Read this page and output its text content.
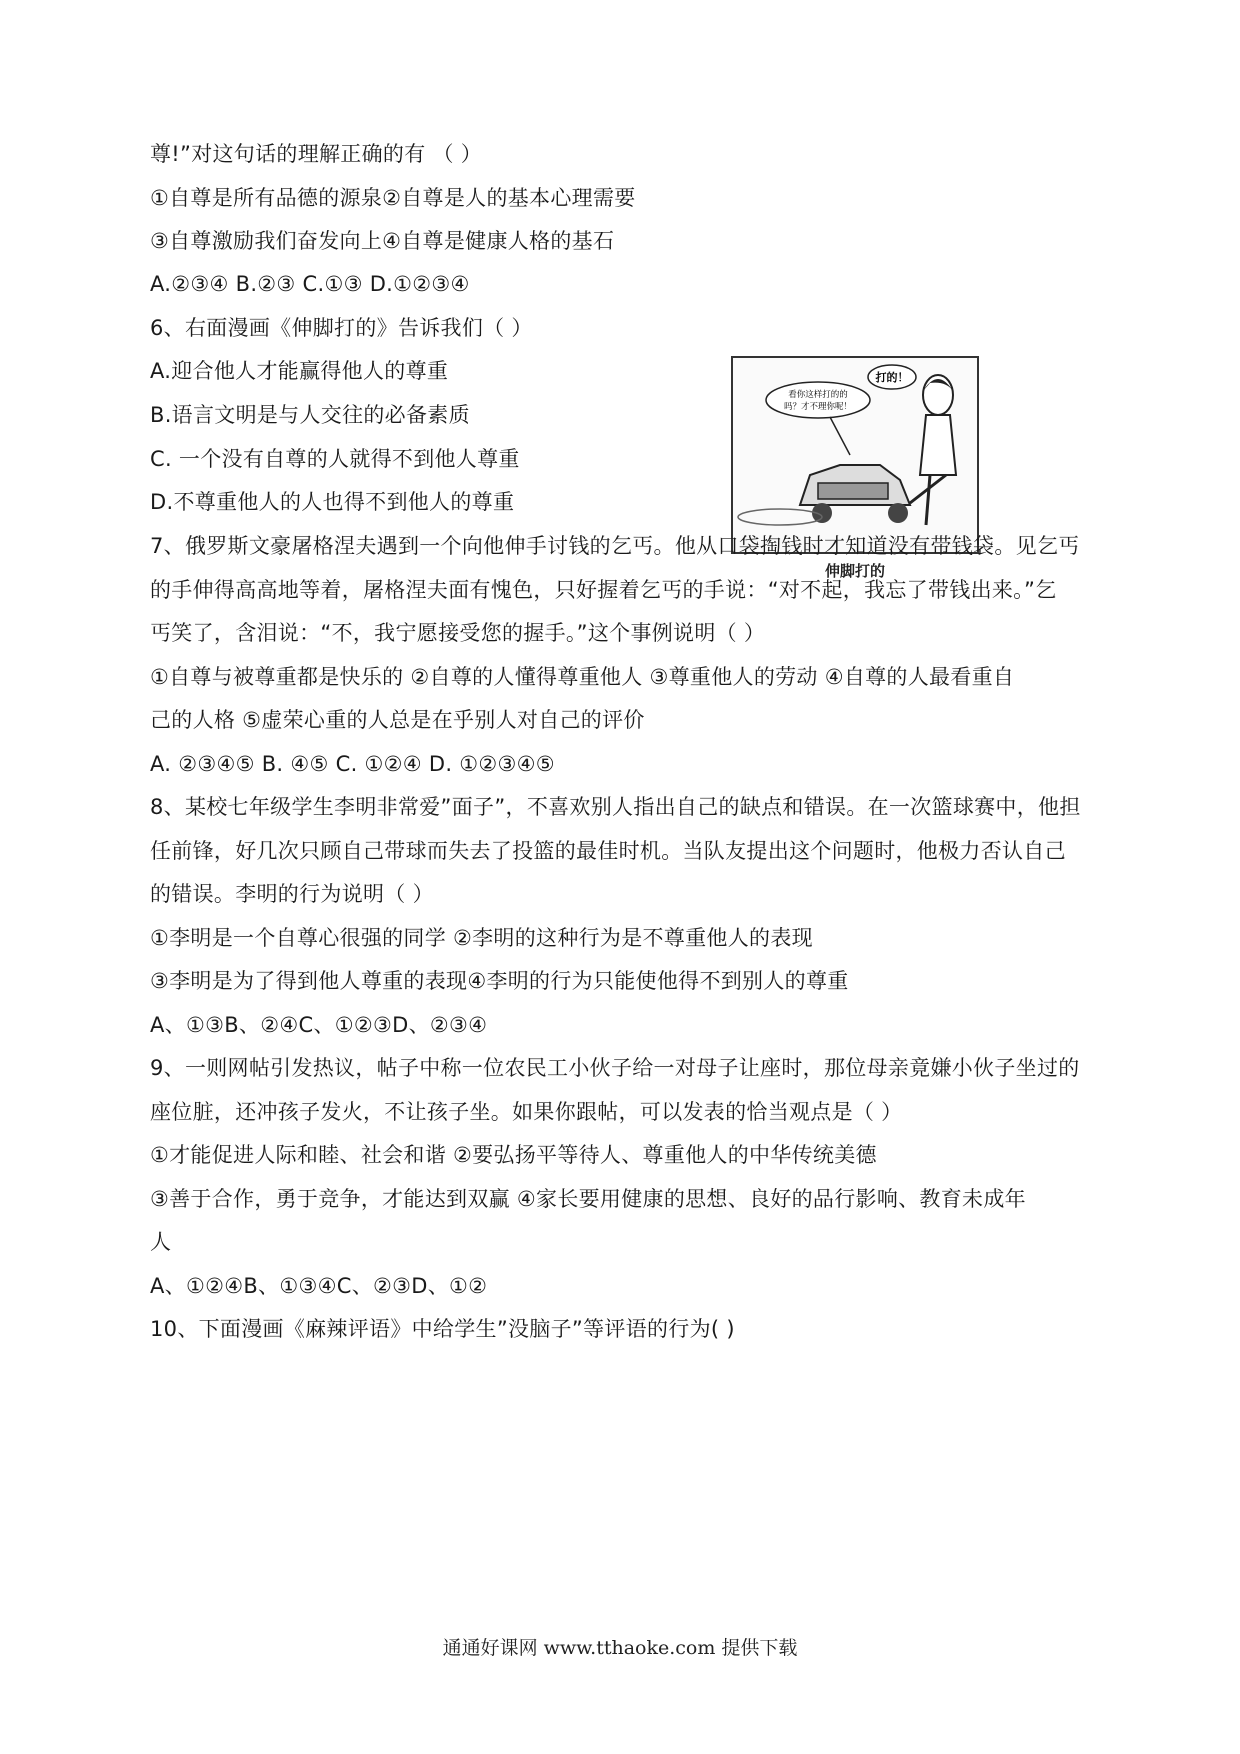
尊!”对这句话的理解正确的有 （ ）
①自尊是所有品德的源泉②自尊是人的基本心理需要
③自尊激励我们奋发向上④自尊是健康人格的基石
A.②③④ B.②③ C.①③ D.①②③④
6、右面漫画《伸脚打的》告诉我们（ ）
A.迎合他人才能赢得他人的尊重
B.语言文明是与人交往的必备素质
C. 一个没有自尊的人就得不到他人尊重
D.不尊重他人的人也得不到他人的尊重
看你这样打的的
吗？才不理你呢！
打的！
伸脚打的
7、俄罗斯文豪屠格涅夫遇到一个向他伸手讨钱的乞丐。他从口袋掏钱时才知道没有带钱袋。见乞丐
的手伸得高高地等着，屠格涅夫面有愧色，只好握着乞丐的手说：“对不起，我忘了带钱出来。”乞
丐笑了，含泪说：“不，我宁愿接受您的握手。”这个事例说明（ ）
①自尊与被尊重都是快乐的 ②自尊的人懂得尊重他人 ③尊重他人的劳动 ④自尊的人最看重自
己的人格 ⑤虚荣心重的人总是在乎别人对自己的评价
A. ②③④⑤ B. ④⑤ C. ①②④ D. ①②③④⑤
8、某校七年级学生李明非常爱”面子”，不喜欢别人指出自己的缺点和错误。在一次篮球赛中，他担
任前锋，好几次只顾自己带球而失去了投篮的最佳时机。当队友提出这个问题时，他极力否认自己
的错误。李明的行为说明（ ）
①李明是一个自尊心很强的同学 ②李明的这种行为是不尊重他人的表现
③李明是为了得到他人尊重的表现④李明的行为只能使他得不到别人的尊重
A、①③B、②④C、①②③D、②③④
9、一则网帖引发热议，帖子中称一位农民工小伙子给一对母子让座时，那位母亲竟嫌小伙子坐过的
座位脏，还冲孩子发火，不让孩子坐。如果你跟帖，可以发表的恰当观点是（ ）
①才能促进人际和睦、社会和谐 ②要弘扬平等待人、尊重他人的中华传统美德
③善于合作，勇于竞争，才能达到双赢 ④家长要用健康的思想、良好的品行影响、教育未成年
人
A、①②④B、①③④C、②③D、①②
10、下面漫画《麻辣评语》中给学生”没脑子”等评语的行为( )
通通好课网 www.tthaoke.com 提供下载
